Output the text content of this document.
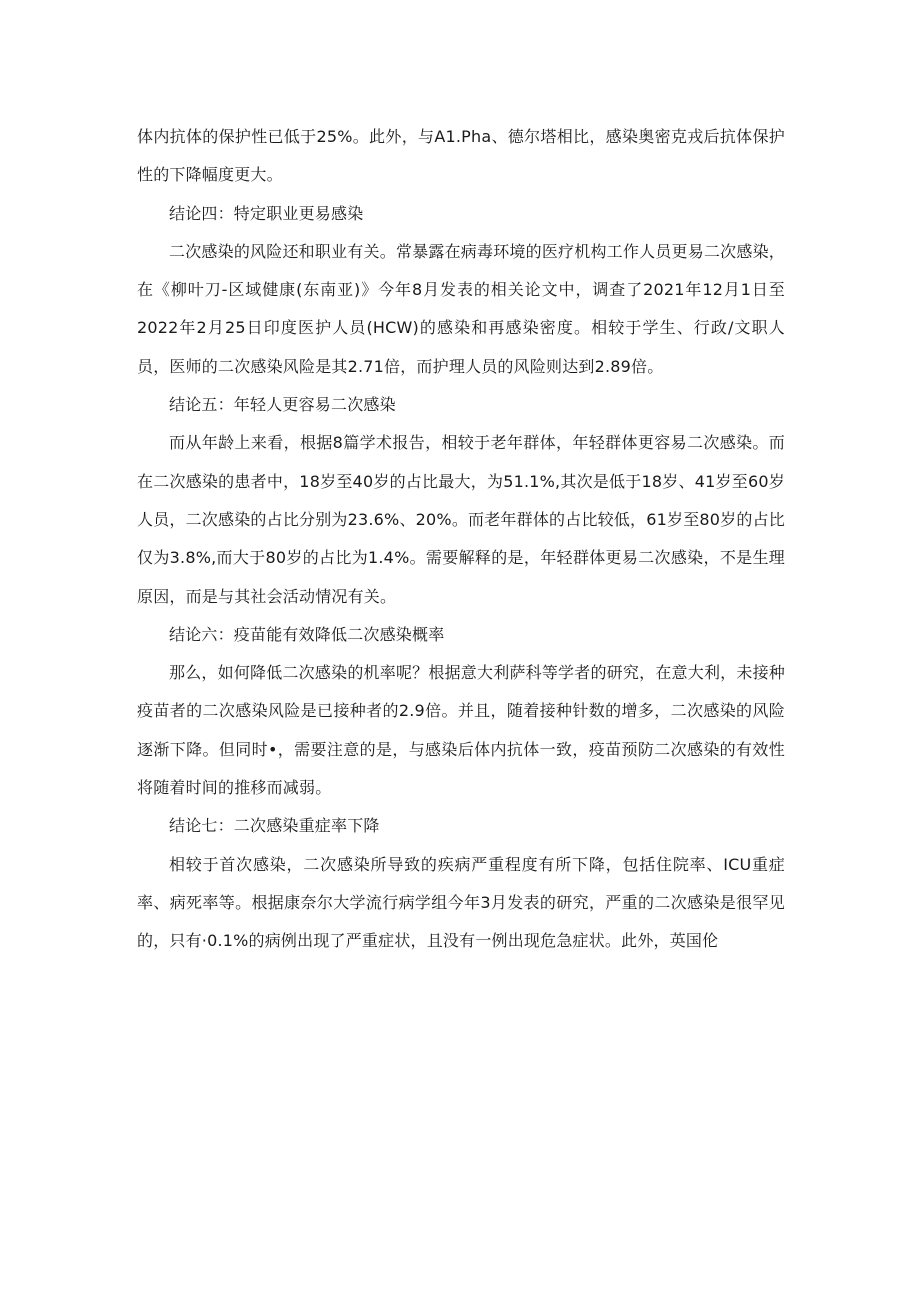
体内抗体的保护性已低于25%。此外，与A1.Pha、德尔塔相比，感染奥密克戎后抗体保护性的下降幅度更大。

结论四：特定职业更易感染

二次感染的风险还和职业有关。常暴露在病毒环境的医疗机构工作人员更易二次感染，在《柳叶刀-区域健康(东南亚)》今年8月发表的相关论文中，调查了2021年12月1日至2022年2月25日印度医护人员(HCW)的感染和再感染密度。相较于学生、行政/文职人员，医师的二次感染风险是其2.71倍，而护理人员的风险则达到2.89倍。

结论五：年轻人更容易二次感染

而从年龄上来看，根据8篇学术报告，相较于老年群体，年轻群体更容易二次感染。而在二次感染的患者中，18岁至40岁的占比最大，为51.1%,其次是低于18岁、41岁至60岁人员，二次感染的占比分别为23.6%、20%。而老年群体的占比较低，61岁至80岁的占比仅为3.8%,而大于80岁的占比为1.4%。需要解释的是，年轻群体更易二次感染，不是生理原因，而是与其社会活动情况有关。

结论六：疫苗能有效降低二次感染概率

那么，如何降低二次感染的机率呢？根据意大利萨科等学者的研究，在意大利，未接种疫苗者的二次感染风险是已接种者的2.9倍。并且，随着接种针数的增多，二次感染的风险逐渐下降。但同时•，需要注意的是，与感染后体内抗体一致，疫苗预防二次感染的有效性将随着时间的推移而减弱。

结论七：二次感染重症率下降

相较于首次感染，二次感染所导致的疾病严重程度有所下降，包括住院率、ICU重症率、病死率等。根据康奈尔大学流行病学组今年3月发表的研究，严重的二次感染是很罕见的，只有·0.1%的病例出现了严重症状，且没有一例出现危急症状。此外，英国伦
